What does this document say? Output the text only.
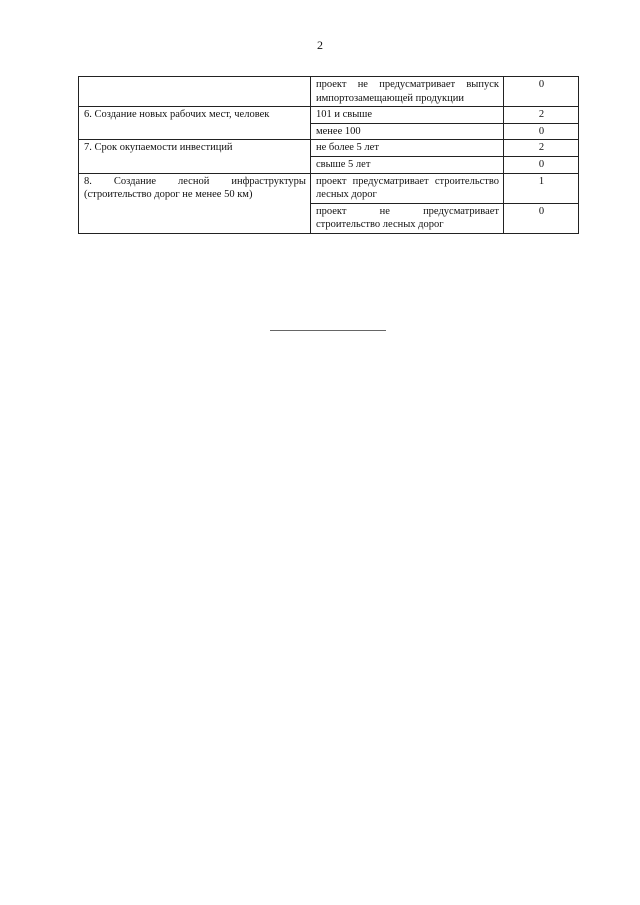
2
	проект не предусматривает выпуск импортозамещающей продукции	0
6. Создание новых рабочих мест, человек	101 и свыше	2
	менее 100	0
7. Срок окупаемости инвестиций	не более 5 лет	2
	свыше 5 лет	0
8. Создание лесной инфраструктуры (строительство дорог не менее 50 км)	проект предусматривает строительство лесных дорог	1
	проект не предусматривает строительство лесных дорог	0
